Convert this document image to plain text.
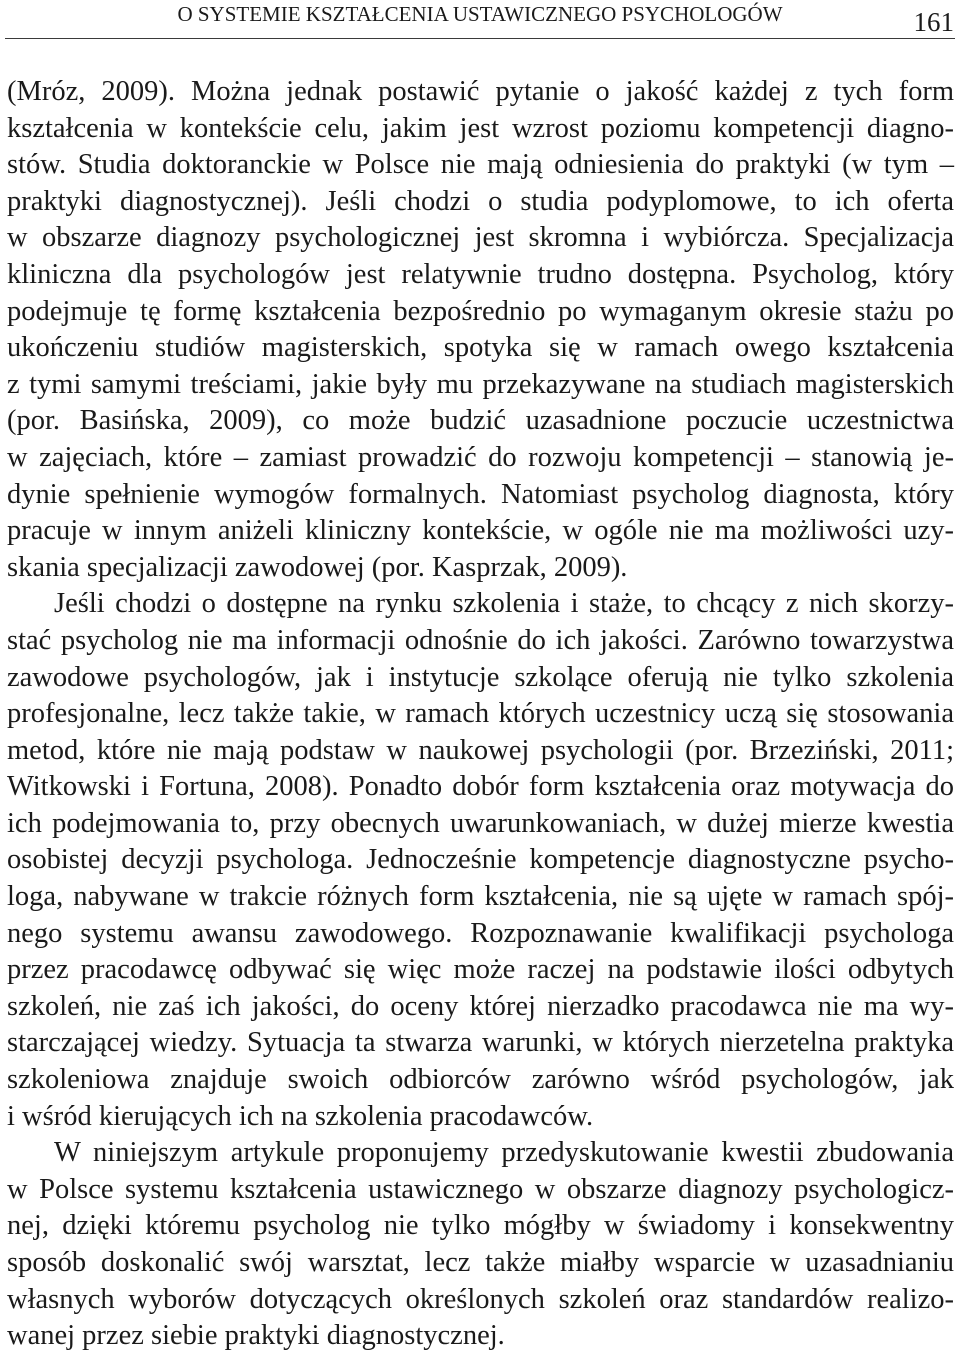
O SYSTEMIE KSZTAŁCENIA USTAWICZNEGO PSYCHOLOGÓW	161
(Mróz, 2009). Można jednak postawić pytanie o jakość każdej z tych form
kształcenia w kontekście celu, jakim jest wzrost poziomu kompetencji diagno-
stów. Studia doktoranckie w Polsce nie mają odniesienia do praktyki (w tym –
praktyki diagnostycznej). Jeśli chodzi o studia podyplomowe, to ich oferta
w obszarze diagnozy psychologicznej jest skromna i wybiórcza. Specjalizacja
kliniczna dla psychologów jest relatywnie trudno dostępna. Psycholog, który
podejmuje tę formę kształcenia bezpośrednio po wymaganym okresie stażu po
ukończeniu studiów magisterskich, spotyka się w ramach owego kształcenia
z tymi samymi treściami, jakie były mu przekazywane na studiach magisterskich
(por. Basińska, 2009), co może budzić uzasadnione poczucie uczestnictwa
w zajęciach, które – zamiast prowadzić do rozwoju kompetencji – stanowią je-
dynie spełnienie wymogów formalnych. Natomiast psycholog diagnosta, który
pracuje w innym aniżeli kliniczny kontekście, w ogóle nie ma możliwości uzy-
skania specjalizacji zawodowej (por. Kasprzak, 2009).
Jeśli chodzi o dostępne na rynku szkolenia i staże, to chcący z nich skorzy-
stać psycholog nie ma informacji odnośnie do ich jakości. Zarówno towarzystwa
zawodowe psychologów, jak i instytucje szkolące oferują nie tylko szkolenia
profesjonalne, lecz także takie, w ramach których uczestnicy uczą się stosowania
metod, które nie mają podstaw w naukowej psychologii (por. Brzeziński, 2011;
Witkowski i Fortuna, 2008). Ponadto dobór form kształcenia oraz motywacja do
ich podejmowania to, przy obecnych uwarunkowaniach, w dużej mierze kwestia
osobistej decyzji psychologa. Jednocześnie kompetencje diagnostyczne psycho-
loga, nabywane w trakcie różnych form kształcenia, nie są ujęte w ramach spój-
nego systemu awansu zawodowego. Rozpoznawanie kwalifikacji psychologa
przez pracodawcę odbywać się więc może raczej na podstawie ilości odbytych
szkoleń, nie zaś ich jakości, do oceny której nierzadko pracodawca nie ma wy-
starczającej wiedzy. Sytuacja ta stwarza warunki, w których nierzetelna praktyka
szkoleniowa znajduje swoich odbiorców zarówno wśród psychologów, jak
i wśród kierujących ich na szkolenia pracodawców.
W niniejszym artykule proponujemy przedyskutowanie kwestii zbudowania
w Polsce systemu kształcenia ustawicznego w obszarze diagnozy psychologicz-
nej, dzięki któremu psycholog nie tylko mógłby w świadomy i konsekwentny
sposób doskonalić swój warsztat, lecz także miałby wsparcie w uzasadnianiu
własnych wyborów dotyczących określonych szkoleń oraz standardów realizo-
wanej przez siebie praktyki diagnostycznej.
